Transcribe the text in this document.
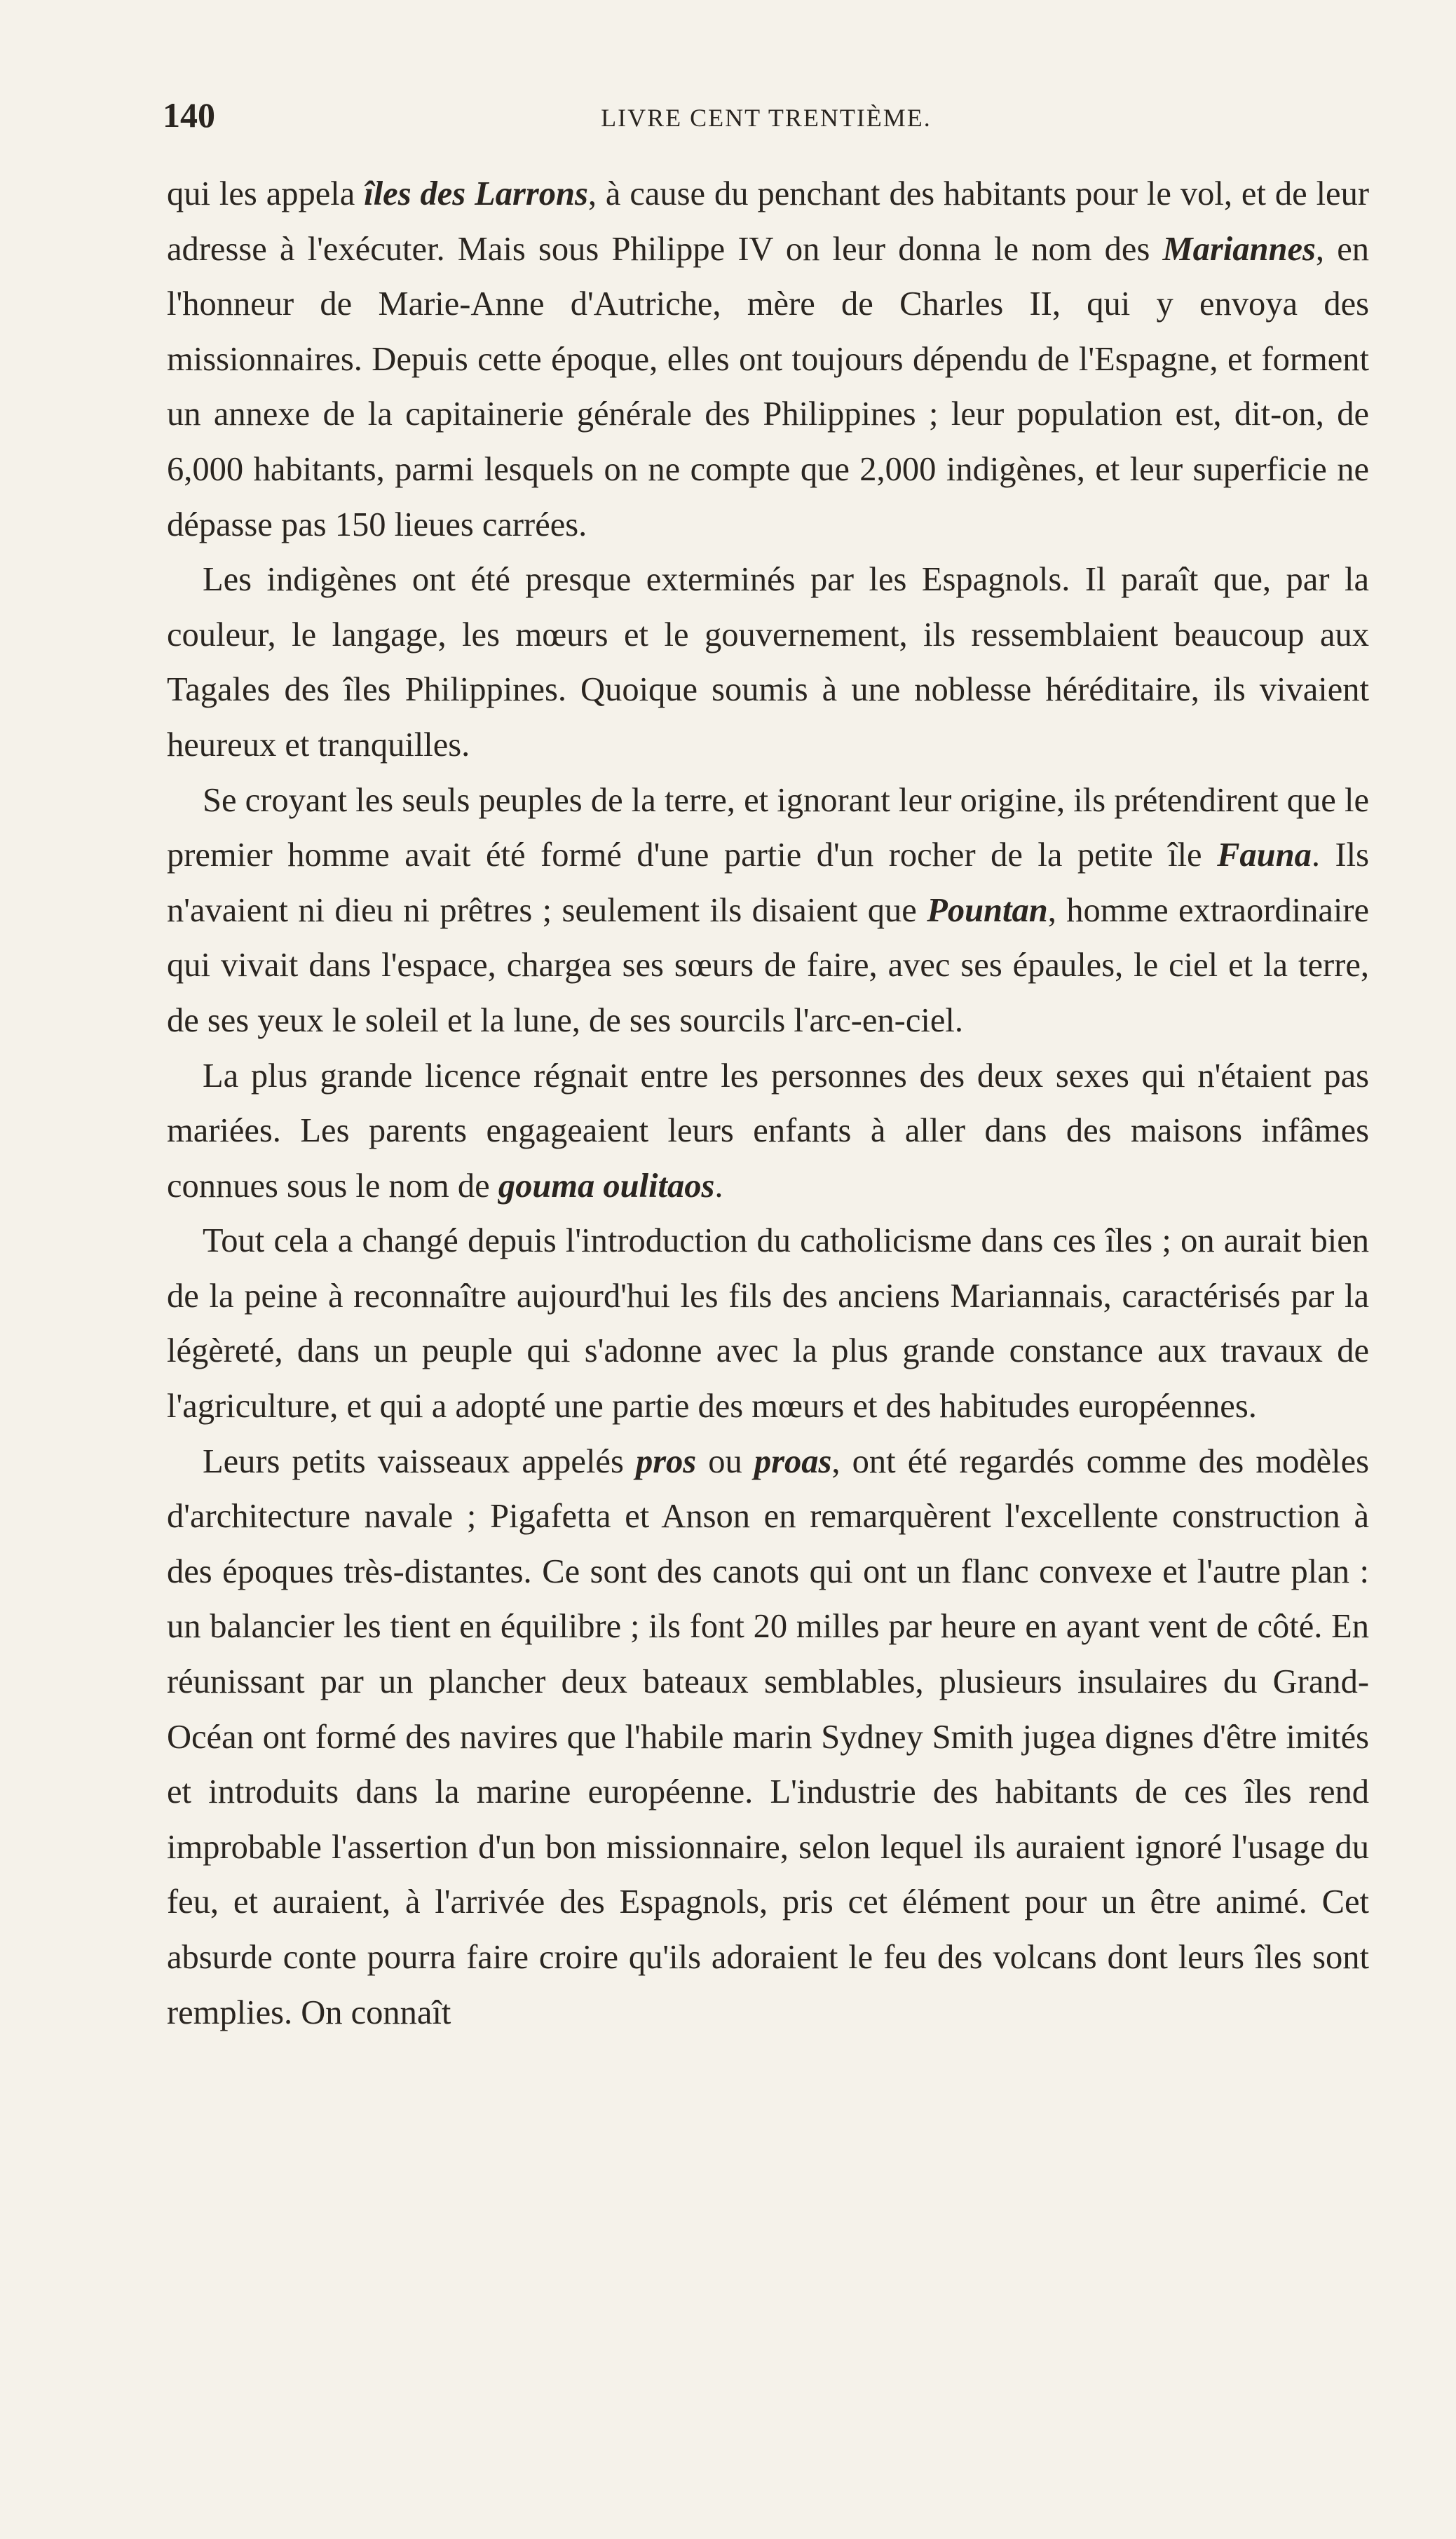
140	LIVRE CENT TRENTIÈME.

qui les appela îles des Larrons, à cause du penchant des habitants pour le vol, et de leur adresse à l'exécuter. Mais sous Philippe IV on leur donna le nom des Mariannes, en l'honneur de Marie-Anne d'Autriche, mère de Charles II, qui y envoya des missionnaires. Depuis cette époque, elles ont toujours dépendu de l'Espagne, et forment un annexe de la capitainerie générale des Philippines ; leur population est, dit-on, de 6,000 habitants, parmi lesquels on ne compte que 2,000 indigènes, et leur superficie ne dépasse pas 150 lieues carrées.

Les indigènes ont été presque exterminés par les Espagnols. Il paraît que, par la couleur, le langage, les mœurs et le gouvernement, ils ressemblaient beaucoup aux Tagales des îles Philippines. Quoique soumis à une noblesse héréditaire, ils vivaient heureux et tranquilles.

Se croyant les seuls peuples de la terre, et ignorant leur origine, ils prétendirent que le premier homme avait été formé d'une partie d'un rocher de la petite île Fauna. Ils n'avaient ni dieu ni prêtres ; seulement ils disaient que Pountan, homme extraordinaire qui vivait dans l'espace, chargea ses sœurs de faire, avec ses épaules, le ciel et la terre, de ses yeux le soleil et la lune, de ses sourcils l'arc-en-ciel.

La plus grande licence régnait entre les personnes des deux sexes qui n'étaient pas mariées. Les parents engageaient leurs enfants à aller dans des maisons infâmes connues sous le nom de gouma oulitaos.

Tout cela a changé depuis l'introduction du catholicisme dans ces îles ; on aurait bien de la peine à reconnaître aujourd'hui les fils des anciens Mariannais, caractérisés par la légèreté, dans un peuple qui s'adonne avec la plus grande constance aux travaux de l'agriculture, et qui a adopté une partie des mœurs et des habitudes européennes.

Leurs petits vaisseaux appelés pros ou proas, ont été regardés comme des modèles d'architecture navale ; Pigafetta et Anson en remarquèrent l'excellente construction à des époques très-distantes. Ce sont des canots qui ont un flanc convexe et l'autre plan : un balancier les tient en équilibre ; ils font 20 milles par heure en ayant vent de côté. En réunissant par un plancher deux bateaux semblables, plusieurs insulaires du Grand-Océan ont formé des navires que l'habile marin Sydney Smith jugea dignes d'être imités et introduits dans la marine européenne. L'industrie des habitants de ces îles rend improbable l'assertion d'un bon missionnaire, selon lequel ils auraient ignoré l'usage du feu, et auraient, à l'arrivée des Espagnols, pris cet élément pour un être animé. Cet absurde conte pourra faire croire qu'ils adoraient le feu des volcans dont leurs îles sont remplies. On connaît
